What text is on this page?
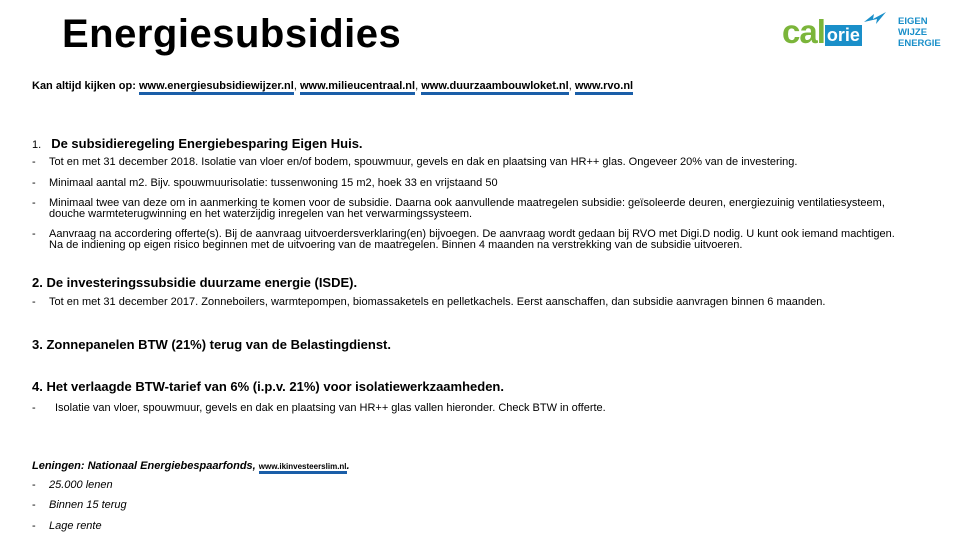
Energiesubsidies	cal orie
EIGEN
WIJZE
ENERGIE
Kan altijd kijken op: www.energiesubsidiewijzer.nl, www.milieucentraal.nl, www.duurzaambouwloket.nl, www.rvo.nl
1. De subsidieregeling Energiebesparing Eigen Huis.
- Tot en met 31 december 2018. Isolatie van vloer en/of bodem, spouwmuur, gevels en dak en plaatsing van HR++ glas. Ongeveer 20% van de investering.
- Minimaal aantal m2. Bijv. spouwmuurisolatie: tussenwoning 15 m2, hoek 33 en vrijstaand 50
- Minimaal twee van deze om in aanmerking te komen voor de subsidie. Daarna ook aanvullende maatregelen subsidie: geïsoleerde deuren, energiezuinig ventilatiesysteem, douche warmteterugwinning en het waterzijdig inregelen van het verwarmingssysteem.
- Aanvraag na accordering offerte(s). Bij de aanvraag uitvoerdersverklaring(en) bijvoegen. De aanvraag wordt gedaan bij RVO met Digi.D nodig. U kunt ook iemand machtigen. Na de indiening op eigen risico beginnen met de uitvoering van de maatregelen. Binnen 4 maanden na verstrekking van de subsidie uitvoeren.
2. De investeringssubsidie duurzame energie (ISDE).
- Tot en met 31 december 2017. Zonneboilers, warmtepompen, biomassaketels en pelletkachels. Eerst aanschaffen, dan subsidie aanvragen binnen 6 maanden.
3. Zonnepanelen BTW (21%) terug van de Belastingdienst.
4. Het verlaagde BTW-tarief van 6% (i.p.v. 21%) voor isolatiewerkzaamheden.
- Isolatie van vloer, spouwmuur, gevels en dak en plaatsing van HR++ glas vallen hieronder. Check BTW in offerte.
Leningen: Nationaal Energiebespaarfonds, www.ikinvesteerslim.nl.
- 25.000 lenen
- Binnen 15 terug
- Lage rente
